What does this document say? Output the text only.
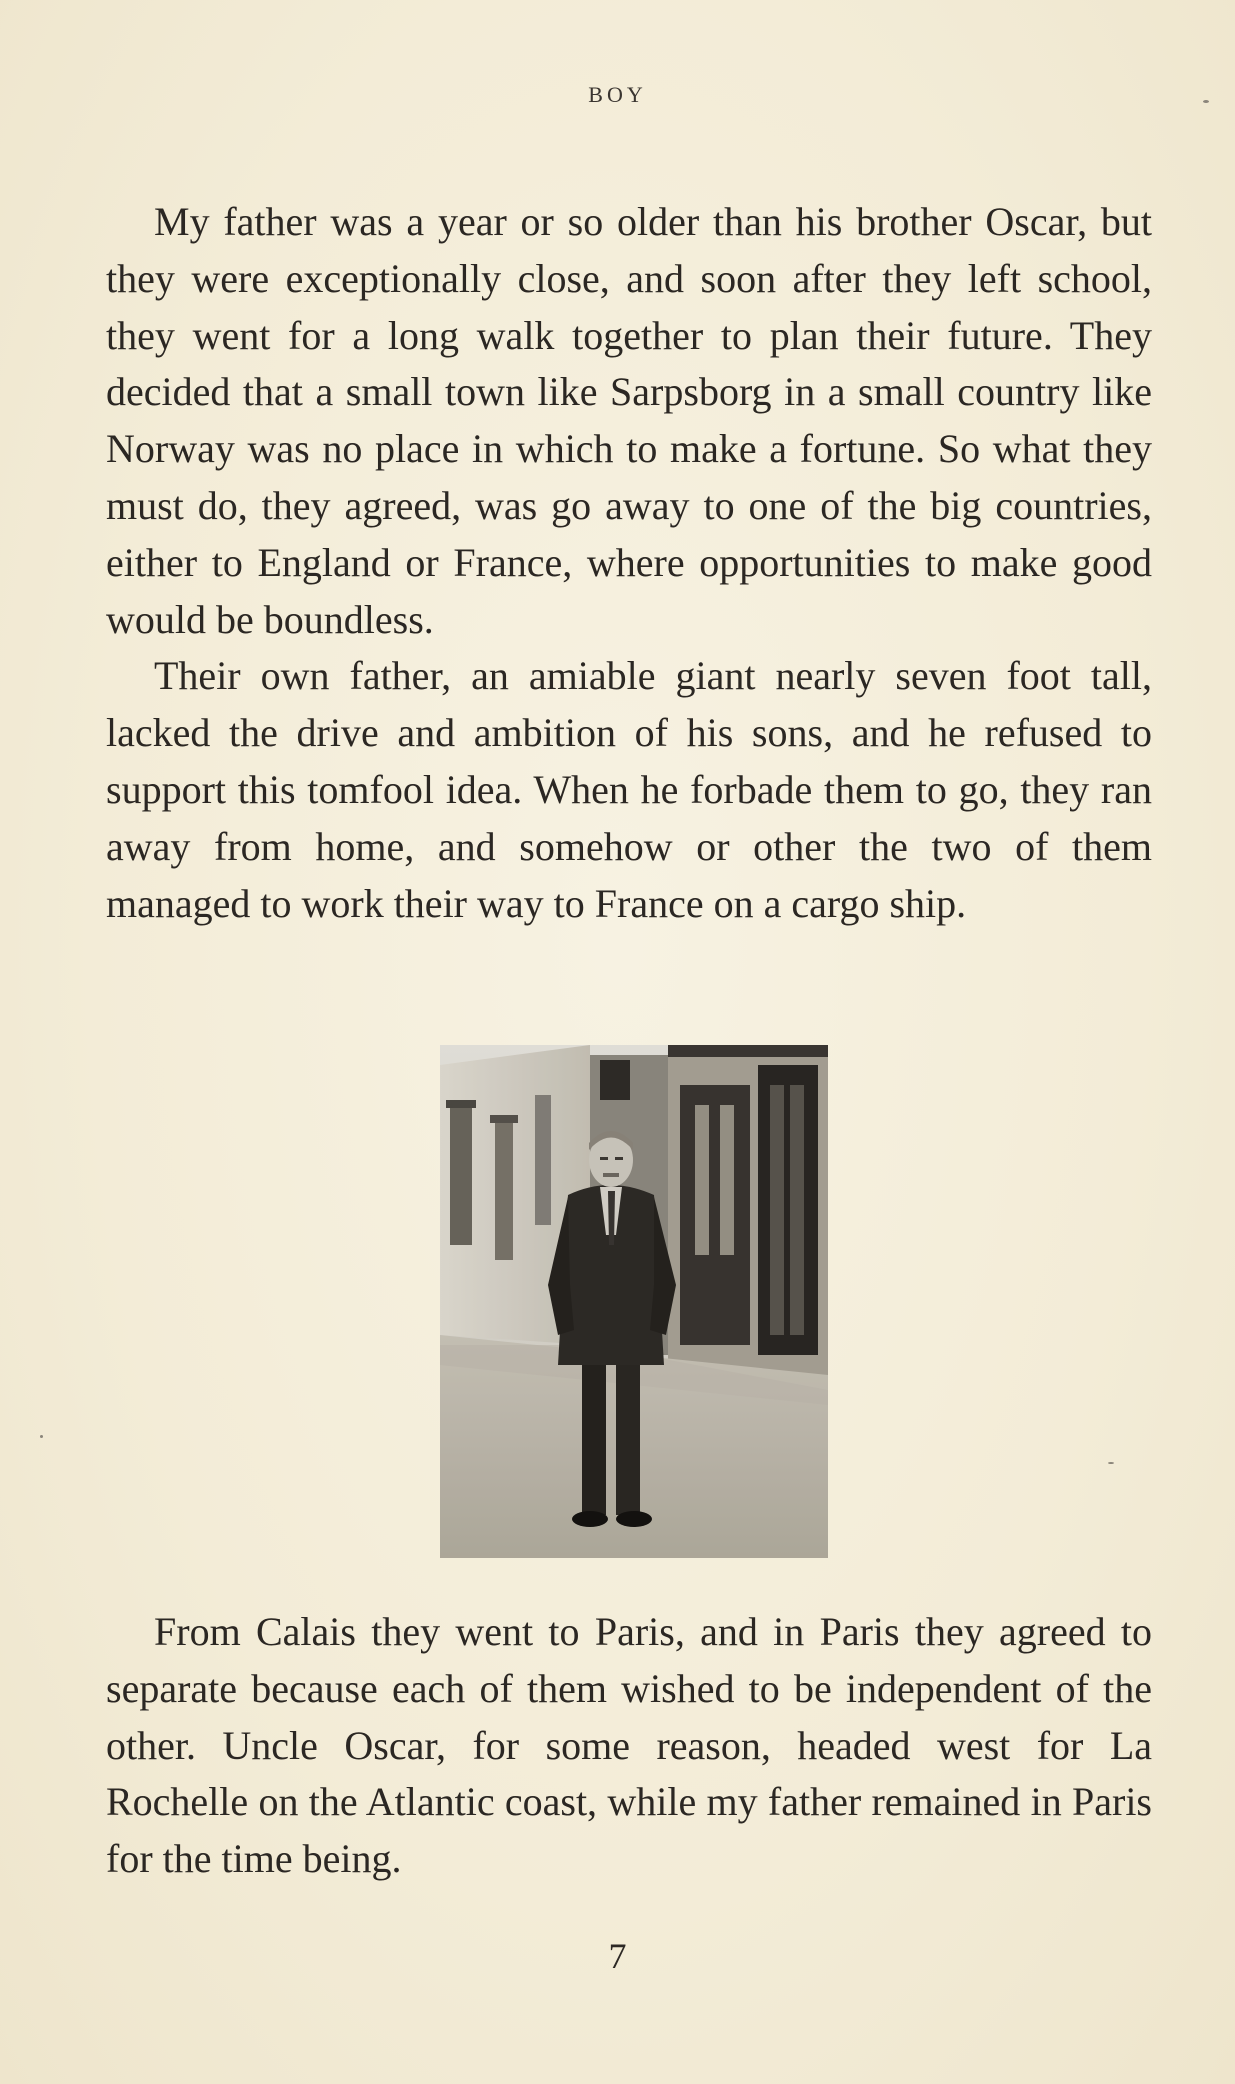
BOY

My father was a year or so older than his brother Oscar, but they were exceptionally close, and soon after they left school, they went for a long walk together to plan their future. They decided that a small town like Sarpsborg in a small country like Norway was no place in which to make a fortune. So what they must do, they agreed, was go away to one of the big countries, either to England or France, where opportunities to make good would be boundless.

Their own father, an amiable giant nearly seven foot tall, lacked the drive and ambition of his sons, and he refused to support this tomfool idea. When he forbade them to go, they ran away from home, and somehow or other the two of them managed to work their way to France on a cargo ship.

From Calais they went to Paris, and in Paris they agreed to separate because each of them wished to be independent of the other. Uncle Oscar, for some reason, headed west for La Rochelle on the Atlantic coast, while my father remained in Paris for the time being.

7
